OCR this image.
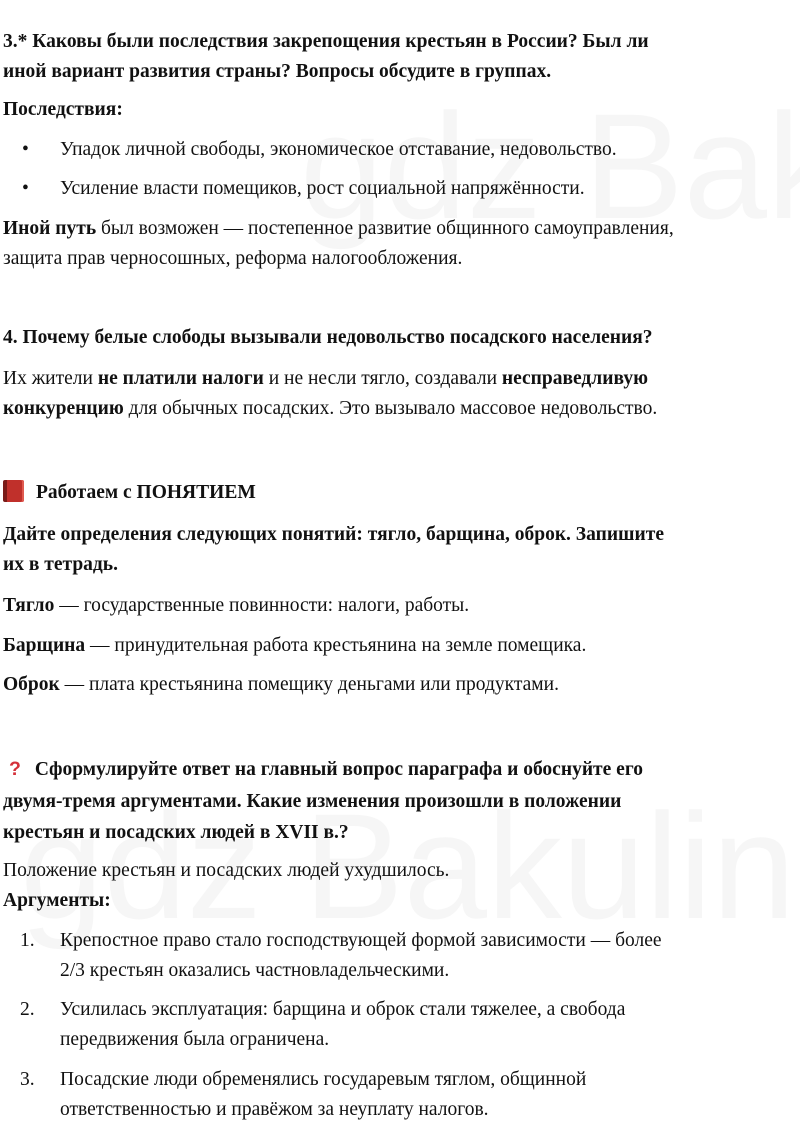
3.* Каковы были последствия закрепощения крестьян в России? Был ли
иной вариант развития страны? Вопросы обсудите в группах.
Последствия:
• Упадок личной свободы, экономическое отставание, недовольство.
• Усиление власти помещиков, рост социальной напряжённости.
Иной путь был возможен — постепенное развитие общинного самоуправления,
защита прав черносошных, реформа налогообложения.
4. Почему белые слободы вызывали недовольство посадского населения?
Их жители не платили налоги и не несли тягло, создавали несправедливую
конкуренцию для обычных посадских. Это вызывало массовое недовольство.
Работаем с ПОНЯТИЕМ
Дайте определения следующих понятий: тягло, барщина, оброк. Запишите
их в тетрадь.
Тягло — государственные повинности: налоги, работы.
Барщина — принудительная работа крестьянина на земле помещика.
Оброк — плата крестьянина помещику деньгами или продуктами.
? Сформулируйте ответ на главный вопрос параграфа и обоснуйте его
двумя-тремя аргументами. Какие изменения произошли в положении
крестьян и посадских людей в XVII в.?
Положение крестьян и посадских людей ухудшилось.
Аргументы:
1. Крепостное право стало господствующей формой зависимости — более
2/3 крестьян оказались частновладельческими.
2. Усилилась эксплуатация: барщина и оброк стали тяжелее, а свобода
передвижения была ограничена.
3. Посадские люди обременялись государевым тяглом, общинной
ответственностью и правёжом за неуплату налогов.
